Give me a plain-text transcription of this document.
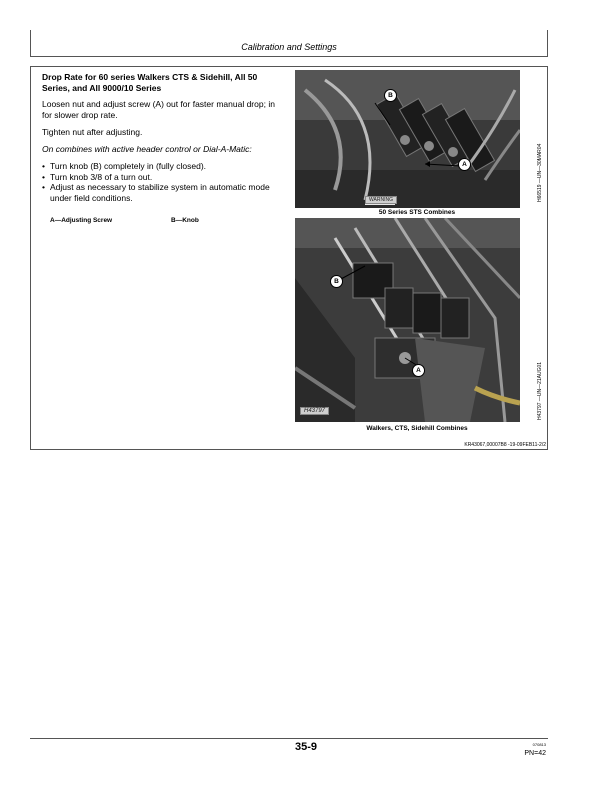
Calibration and Settings
Drop Rate for 60 series Walkers CTS & Sidehill, All 50 Series, and All 9000/10 Series
Loosen nut and adjust screw (A) out for faster manual drop; in for slower drop rate.
Tighten nut after adjusting.
On combines with active header control or Dial-A-Matic:
• Turn knob (B) completely in (fully closed).
• Turn knob 3/8 of a turn out.
• Adjust as necessary to stabilize system in automatic mode under field conditions.
A—Adjusting Screw	B—Knob
B
A
WARNING
50 Series STS Combines
H66519 —UN—30MAR04
B
A
H43797
Walkers, CTS, Sidehill Combines
H43797 —UN—21AUG01
KR43067,00007B8 -19-09FEB11-2/2
35-9	070813
PN=42
